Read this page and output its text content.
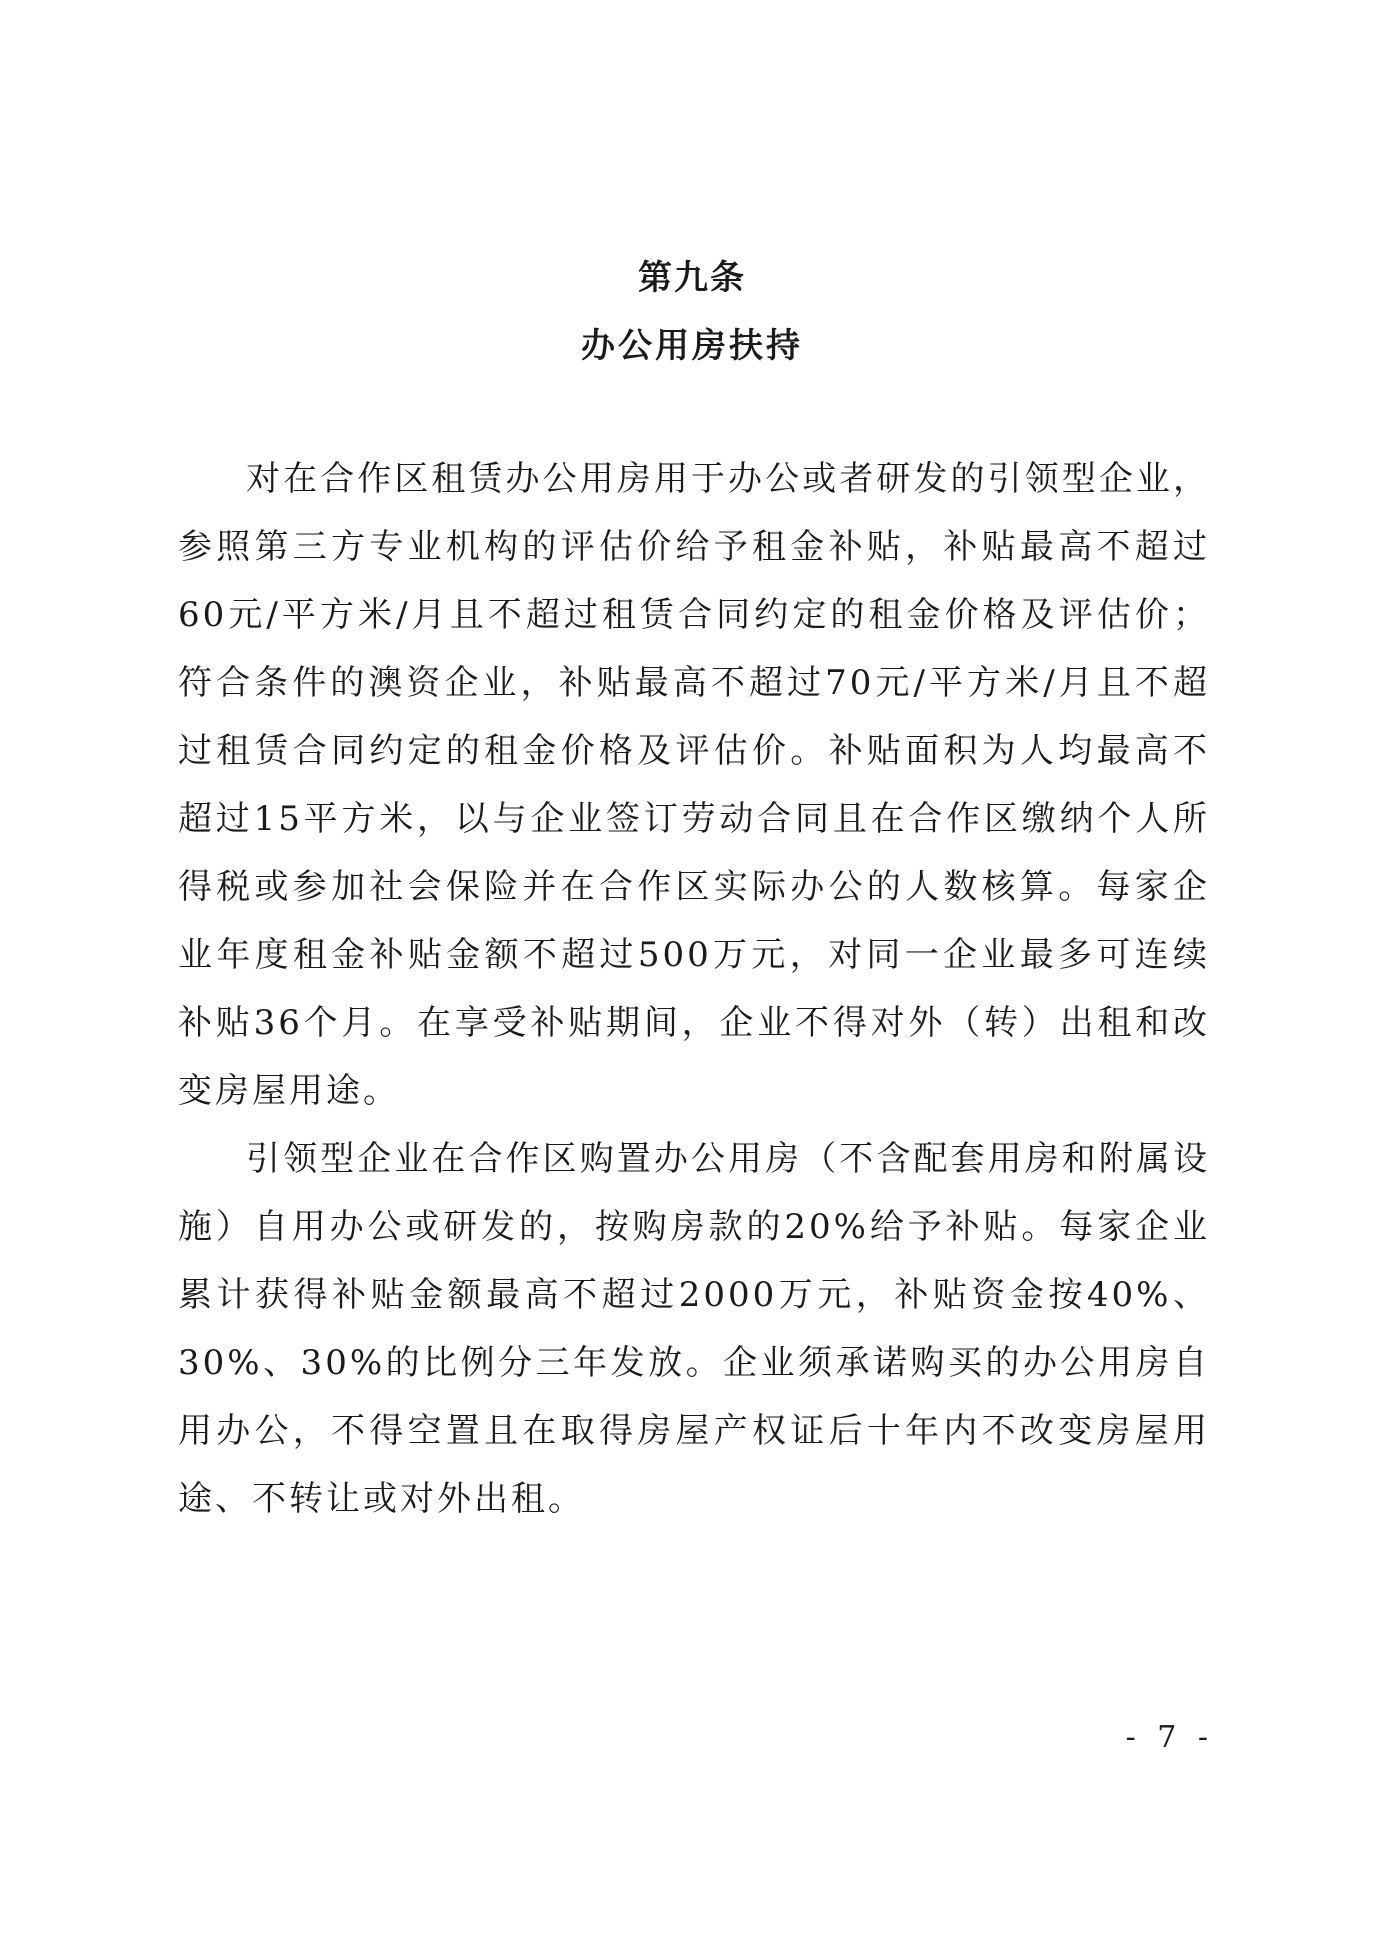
第九条
办公用房扶持

对在合作区租赁办公用房用于办公或者研发的引领型企业，参照第三方专业机构的评估价给予租金补贴，补贴最高不超过60元/平方米/月且不超过租赁合同约定的租金价格及评估价；符合条件的澳资企业，补贴最高不超过70元/平方米/月且不超过租赁合同约定的租金价格及评估价。补贴面积为人均最高不超过15平方米，以与企业签订劳动合同且在合作区缴纳个人所得税或参加社会保险并在合作区实际办公的人数核算。每家企业年度租金补贴金额不超过500万元，对同一企业最多可连续补贴36个月。在享受补贴期间，企业不得对外（转）出租和改变房屋用途。

引领型企业在合作区购置办公用房（不含配套用房和附属设施）自用办公或研发的，按购房款的20%给予补贴。每家企业累计获得补贴金额最高不超过2000万元，补贴资金按40%、30%、30%的比例分三年发放。企业须承诺购买的办公用房自用办公，不得空置且在取得房屋产权证后十年内不改变房屋用途、不转让或对外出租。

- 7 -
